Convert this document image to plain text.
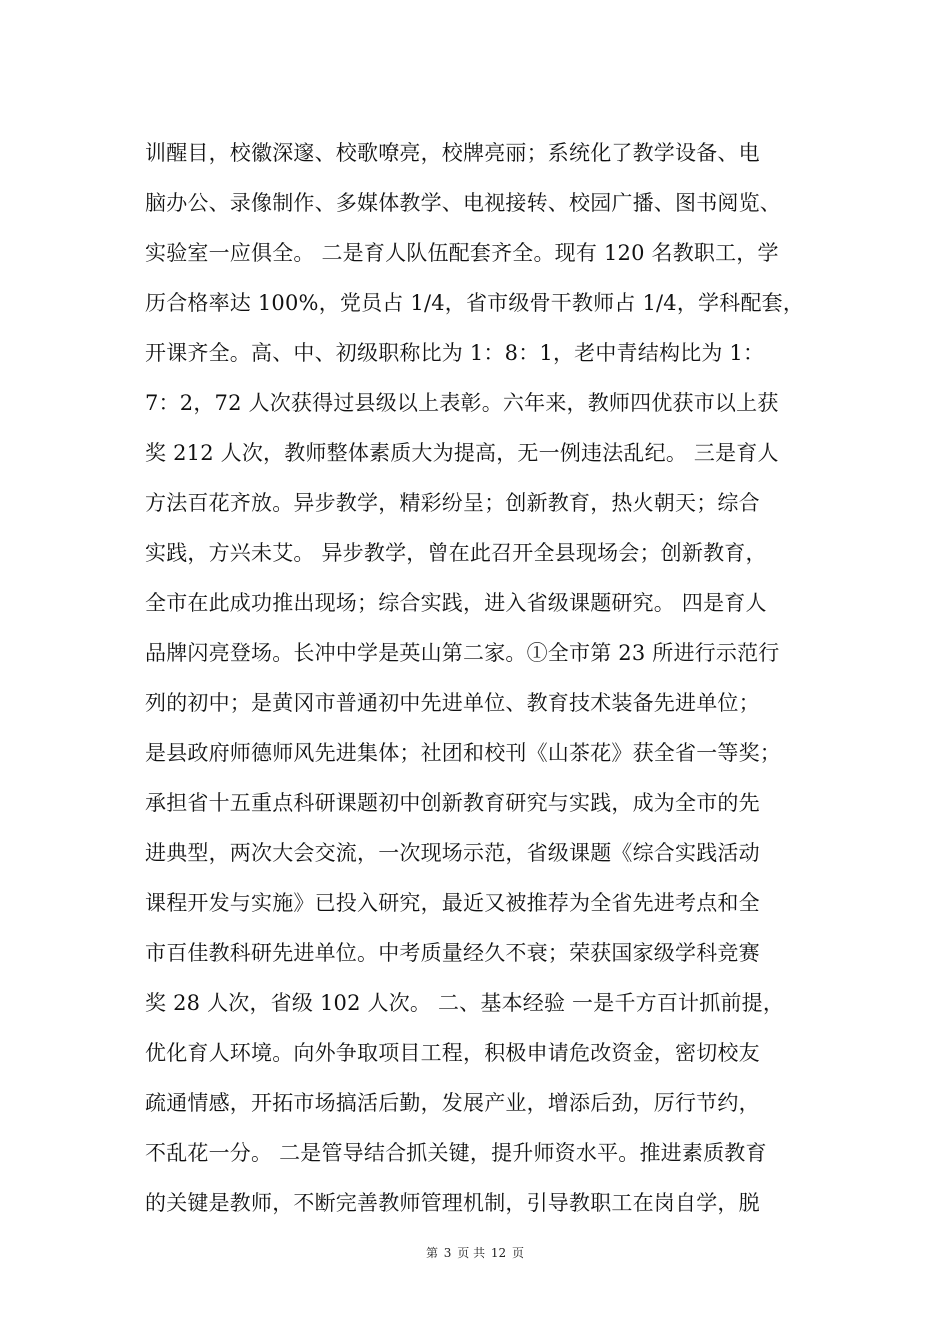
训醒目，校徽深邃、校歌嘹亮，校牌亮丽；系统化了教学设备、电
脑办公、录像制作、多媒体教学、电视接转、校园广播、图书阅览、
实验室一应俱全。 二是育人队伍配套齐全。现有 120 名教职工，学
历合格率达 100%，党员占 1/4，省市级骨干教师占 1/4，学科配套，
开课齐全。高、中、初级职称比为 1：8：1，老中青结构比为 1：
7：2，72 人次获得过县级以上表彰。六年来，教师四优获市以上获
奖 212 人次，教师整体素质大为提高，无一例违法乱纪。 三是育人
方法百花齐放。异步教学，精彩纷呈；创新教育，热火朝天；综合
实践，方兴未艾。 异步教学，曾在此召开全县现场会；创新教育，
全市在此成功推出现场；综合实践，进入省级课题研究。 四是育人
品牌闪亮登场。长冲中学是英山第二家。①全市第 23 所进行示范行
列的初中；是黄冈市普通初中先进单位、教育技术装备先进单位；
是县政府师德师风先进集体；社团和校刊《山茶花》获全省一等奖；
承担省十五重点科研课题初中创新教育研究与实践，成为全市的先
进典型，两次大会交流，一次现场示范，省级课题《综合实践活动
课程开发与实施》已投入研究，最近又被推荐为全省先进考点和全
市百佳教科研先进单位。中考质量经久不衰；荣获国家级学科竞赛
奖 28 人次，省级 102 人次。 二、基本经验 一是千方百计抓前提，
优化育人环境。向外争取项目工程，积极申请危改资金，密切校友
疏通情感，开拓市场搞活后勤，发展产业，增添后劲，厉行节约，
不乱花一分。 二是管导结合抓关键，提升师资水平。推进素质教育
的关键是教师，不断完善教师管理机制，引导教职工在岗自学，脱
第 3 页 共 12 页
